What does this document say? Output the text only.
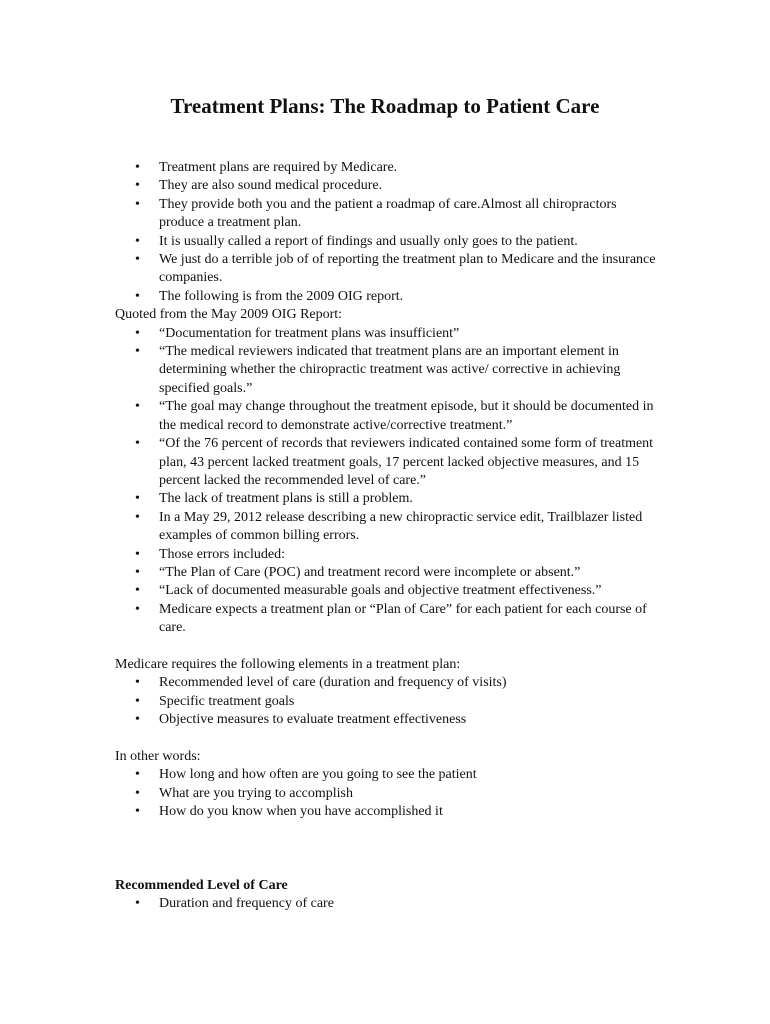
Treatment Plans: The Roadmap to Patient Care
• Treatment plans are required by Medicare.
• They are also sound medical procedure.
• They provide both you and the patient a roadmap of care.Almost all chiropractors produce a treatment plan.
• It is usually called a report of findings and usually only goes to the patient.
• We just do a terrible job of of reporting the treatment plan to Medicare and the insurance companies.
• The following is from the 2009 OIG report.

Quoted from the May 2009 OIG Report:

• “Documentation for treatment plans was insufficient”
• “The medical reviewers indicated that treatment plans are an important element in determining whether the chiropractic treatment was active/ corrective in achieving specified goals.”
• “The goal may change throughout the treatment episode, but it should be documented in the medical record to demonstrate active/corrective treatment.”
• “Of the 76 percent of records that reviewers indicated contained some form of treatment plan, 43 percent lacked treatment goals, 17 percent lacked objective measures, and 15 percent lacked the recommended level of care.”
• The lack of treatment plans is still a problem.
• In a May 29, 2012 release describing a new chiropractic service edit, Trailblazer listed examples of common billing errors.
• Those errors included:
• “The Plan of Care (POC) and treatment record were incomplete or absent.”
• “Lack of documented measurable goals and objective treatment effectiveness.”
• Medicare expects a treatment plan or “Plan of Care” for each patient for each course of care.

Medicare requires the following elements in a treatment plan:

• Recommended level of care (duration and frequency of visits)
• Specific treatment goals
• Objective measures to evaluate treatment effectiveness

In other words:

• How long and how often are you going to see the patient
• What are you trying to accomplish
• How do you know when you have accomplished it

Recommended Level of Care

• Duration and frequency of care
